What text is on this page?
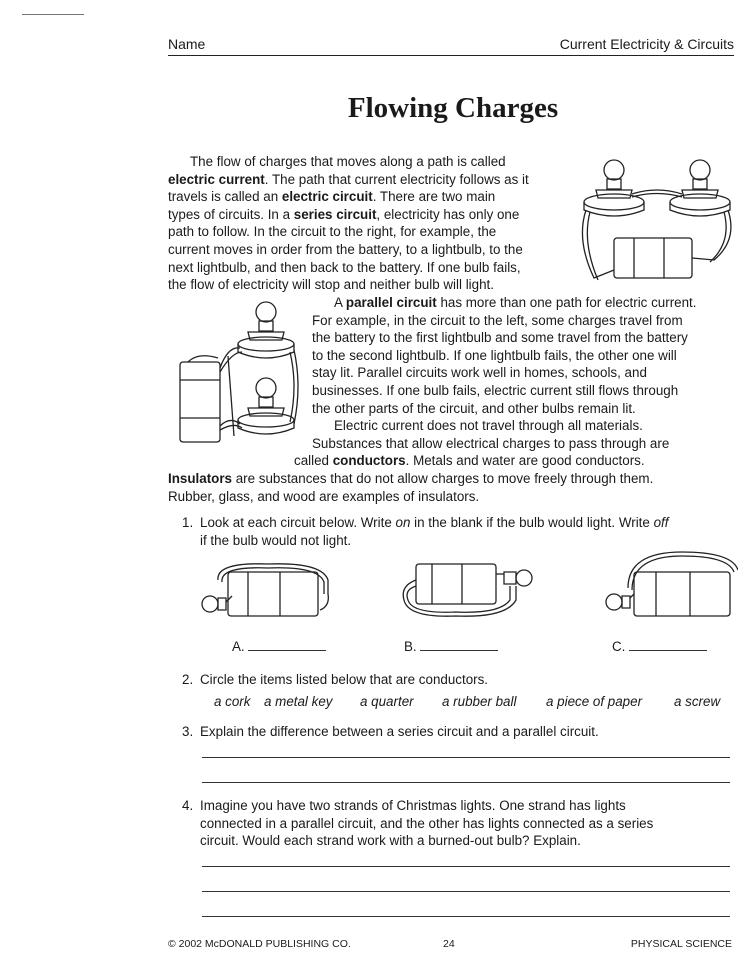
Name	Current Electricity & Circuits
Flowing Charges
The flow of charges that moves along a path is called
electric current. The path that current electricity follows as it
travels is called an electric circuit. There are two main
types of circuits. In a series circuit, electricity has only one
path to follow. In the circuit to the right, for example, the
current moves in order from the battery, to a lightbulb, to the
next lightbulb, and then back to the battery. If one bulb fails,
the flow of electricity will stop and neither bulb will light.
A parallel circuit has more than one path for electric current.
For example, in the circuit to the left, some charges travel from
the battery to the first lightbulb and some travel from the battery
to the second lightbulb. If one lightbulb fails, the other one will
stay lit. Parallel circuits work well in homes, schools, and
businesses. If one bulb fails, electric current still flows through
the other parts of the circuit, and other bulbs remain lit.
Electric current does not travel through all materials.
Substances that allow electrical charges to pass through are
called conductors. Metals and water are good conductors.
Insulators are substances that do not allow charges to move freely through them.
Rubber, glass, and wood are examples of insulators.
1. Look at each circuit below. Write on in the blank if the bulb would light. Write off
if the bulb would not light.
A.	B.	C.
2. Circle the items listed below that are conductors.
a cork a metal key a quarter a rubber ball a piece of paper a screw
3. Explain the difference between a series circuit and a parallel circuit.
4. Imagine you have two strands of Christmas lights. One strand has lights
connected in a parallel circuit, and the other has lights connected as a series
circuit. Would each strand work with a burned-out bulb? Explain.
© 2002 McDONALD PUBLISHING CO.	24	PHYSICAL SCIENCE
